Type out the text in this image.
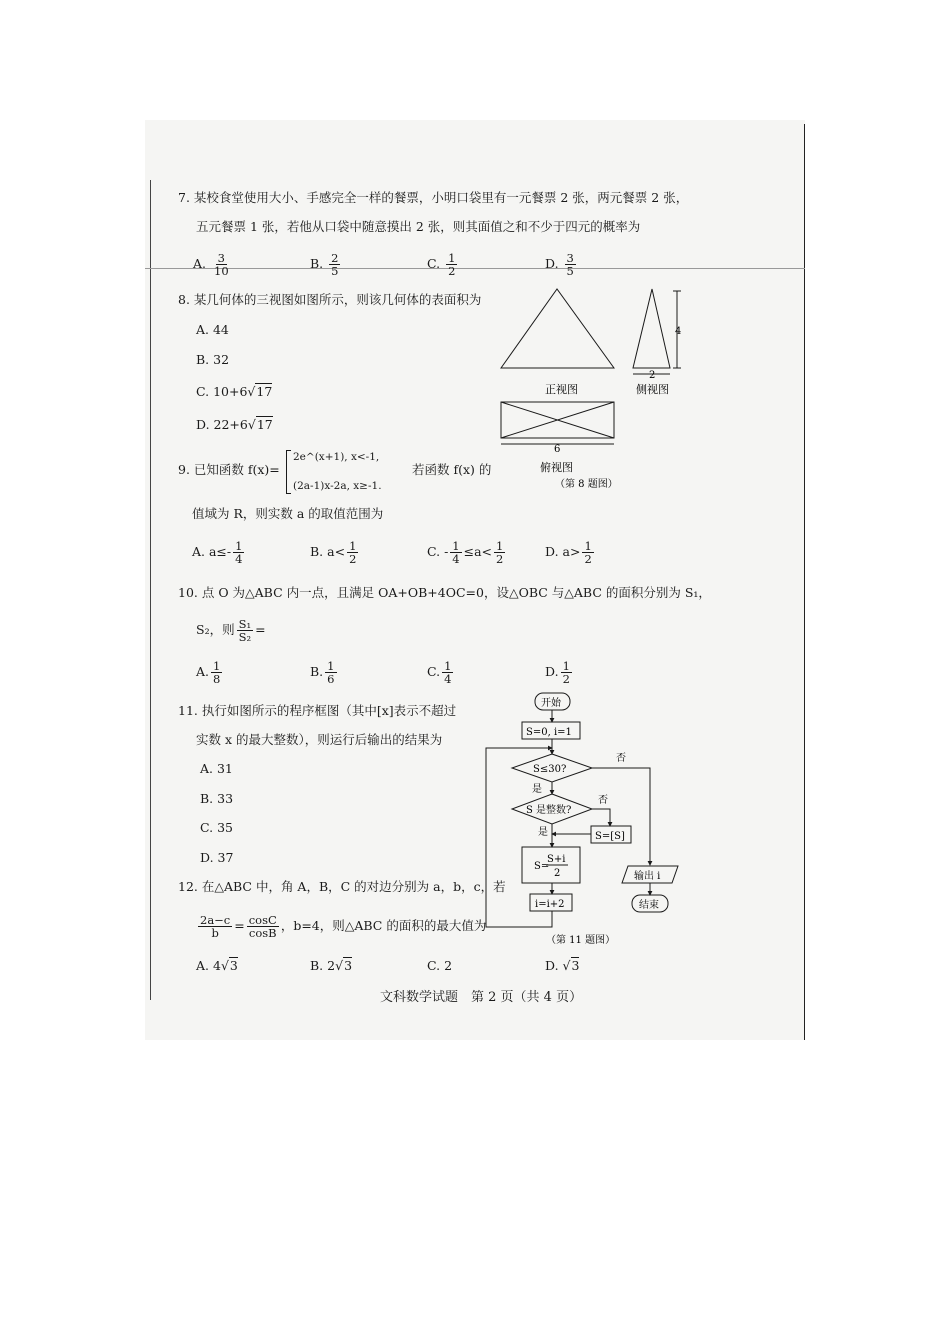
7. 某校食堂使用大小、手感完全一样的餐票，小明口袋里有一元餐票 2 张，两元餐票 2 张，
五元餐票 1 张，若他从口袋中随意摸出 2 张，则其面值之和不少于四元的概率为
A. $\frac{3}{10}$	B. $\frac{2}{5}$	C. $\frac{1}{2}$	D. $\frac{3}{5}$
8. 某几何体的三视图如图所示，则该几何体的表面积为
A. 44
B. 32
C. 10+6√17
D. 22+6√17
正视图
4
2
侧视图
6
俯视图
（第 8 题图）
9. 已知函数 f(x)=
2e^(x+1), x<-1,
(2a-1)x-2a, x≥-1.
若函数 f(x) 的
值域为 R，则实数 a 的取值范围为
A. $a\le- \frac{1}{4}$	B. $a< \frac{1}{2}$	C. - $\frac{1}{4} \le a< \frac{1}{2}$	D. $a> \frac{1}{2}$
10. 点 O 为△ABC 内一点，且满足 OA+OB+4OC=0，设△OBC 与△ABC 的面积分别为 S₁，
S₂，则 $\frac{\text{S₁}}{\text{S₂}}$ =
A. $\frac{1}{8}$	B. $\frac{1}{6}$	C. $\frac{1}{4}$	D. $\frac{1}{2}$
11. 执行如图所示的程序框图（其中[x]表示不超过
实数 x 的最大整数），则运行后输出的结果为
A. 31
B. 33
C. 35
D. 37
开始
S=0, i=1
S≤30?
否
是
S 是整数?
否
S=[S]
是
S=
S+i
2
i=i+2
输出 i
结束
（第 11 题图）
12. 在△ABC 中，角 A，B，C 的对边分别为 a，b，c，若
$\frac{2a-c}{b} = \frac{\cos C}{\cos B}$ ，b=4，则△ABC 的面积的最大值为
A. 4√3	B. 2√3	C. 2	D. √3
文科数学试题　第 2 页（共 4 页）
